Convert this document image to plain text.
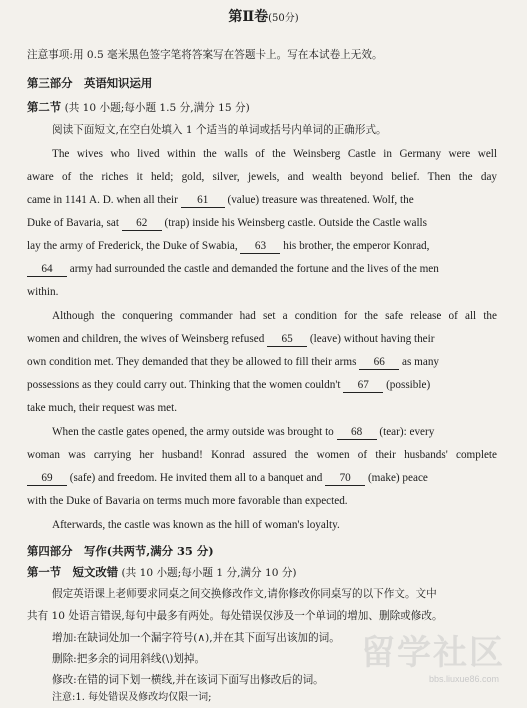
第Ⅱ卷(50分)
注意事项:用 0.5 毫米黑色签字笔将答案写在答题卡上。写在本试卷上无效。
第三部分　英语知识运用
第二节 (共 10 小题;每小题 1.5 分,满分 15 分)
阅读下面短文,在空白处填入 1 个适当的单词或括号内单词的正确形式。
The wives who lived within the walls of the Weinsberg Castle in Germany were well
aware of the riches it held; gold, silver, jewels, and wealth beyond belief. Then the day
came in 1141 A. D. when all their 61 (value) treasure was threatened. Wolf, the
Duke of Bavaria, sat 62 (trap) inside his Weinsberg castle. Outside the Castle walls
lay the army of Frederick, the Duke of Swabia, 63 his brother, the emperor Konrad,
64 army had surrounded the castle and demanded the fortune and the lives of the men
within.
Although the conquering commander had set a condition for the safe release of all the
women and children, the wives of Weinsberg refused 65 (leave) without having their
own condition met. They demanded that they be allowed to fill their arms 66 as many
possessions as they could carry out. Thinking that the women couldn't 67 (possible)
take much, their request was met.
When the castle gates opened, the army outside was brought to 68 (tear): every
woman was carrying her husband! Konrad assured the women of their husbands' complete
69 (safe) and freedom. He invited them all to a banquet and 70 (make) peace
with the Duke of Bavaria on terms much more favorable than expected.
Afterwards, the castle was known as the hill of woman's loyalty.
第四部分　写作(共两节,满分 35 分)
第一节　短文改错 (共 10 小题;每小题 1 分,满分 10 分)
假定英语课上老师要求同桌之间交换修改作文,请你修改你同桌写的以下作文。文中
共有 10 处语言错误,每句中最多有两处。每处错误仅涉及一个单词的增加、删除或修改。
增加:在缺词处加一个漏字符号(∧),并在其下面写出该加的词。
删除:把多余的词用斜线(\)划掉。
修改:在错的词下划一横线,并在该词下面写出修改后的词。
注意:1. 每处错误及修改均仅限一词;
留学社区
bbs.liuxue86.com
